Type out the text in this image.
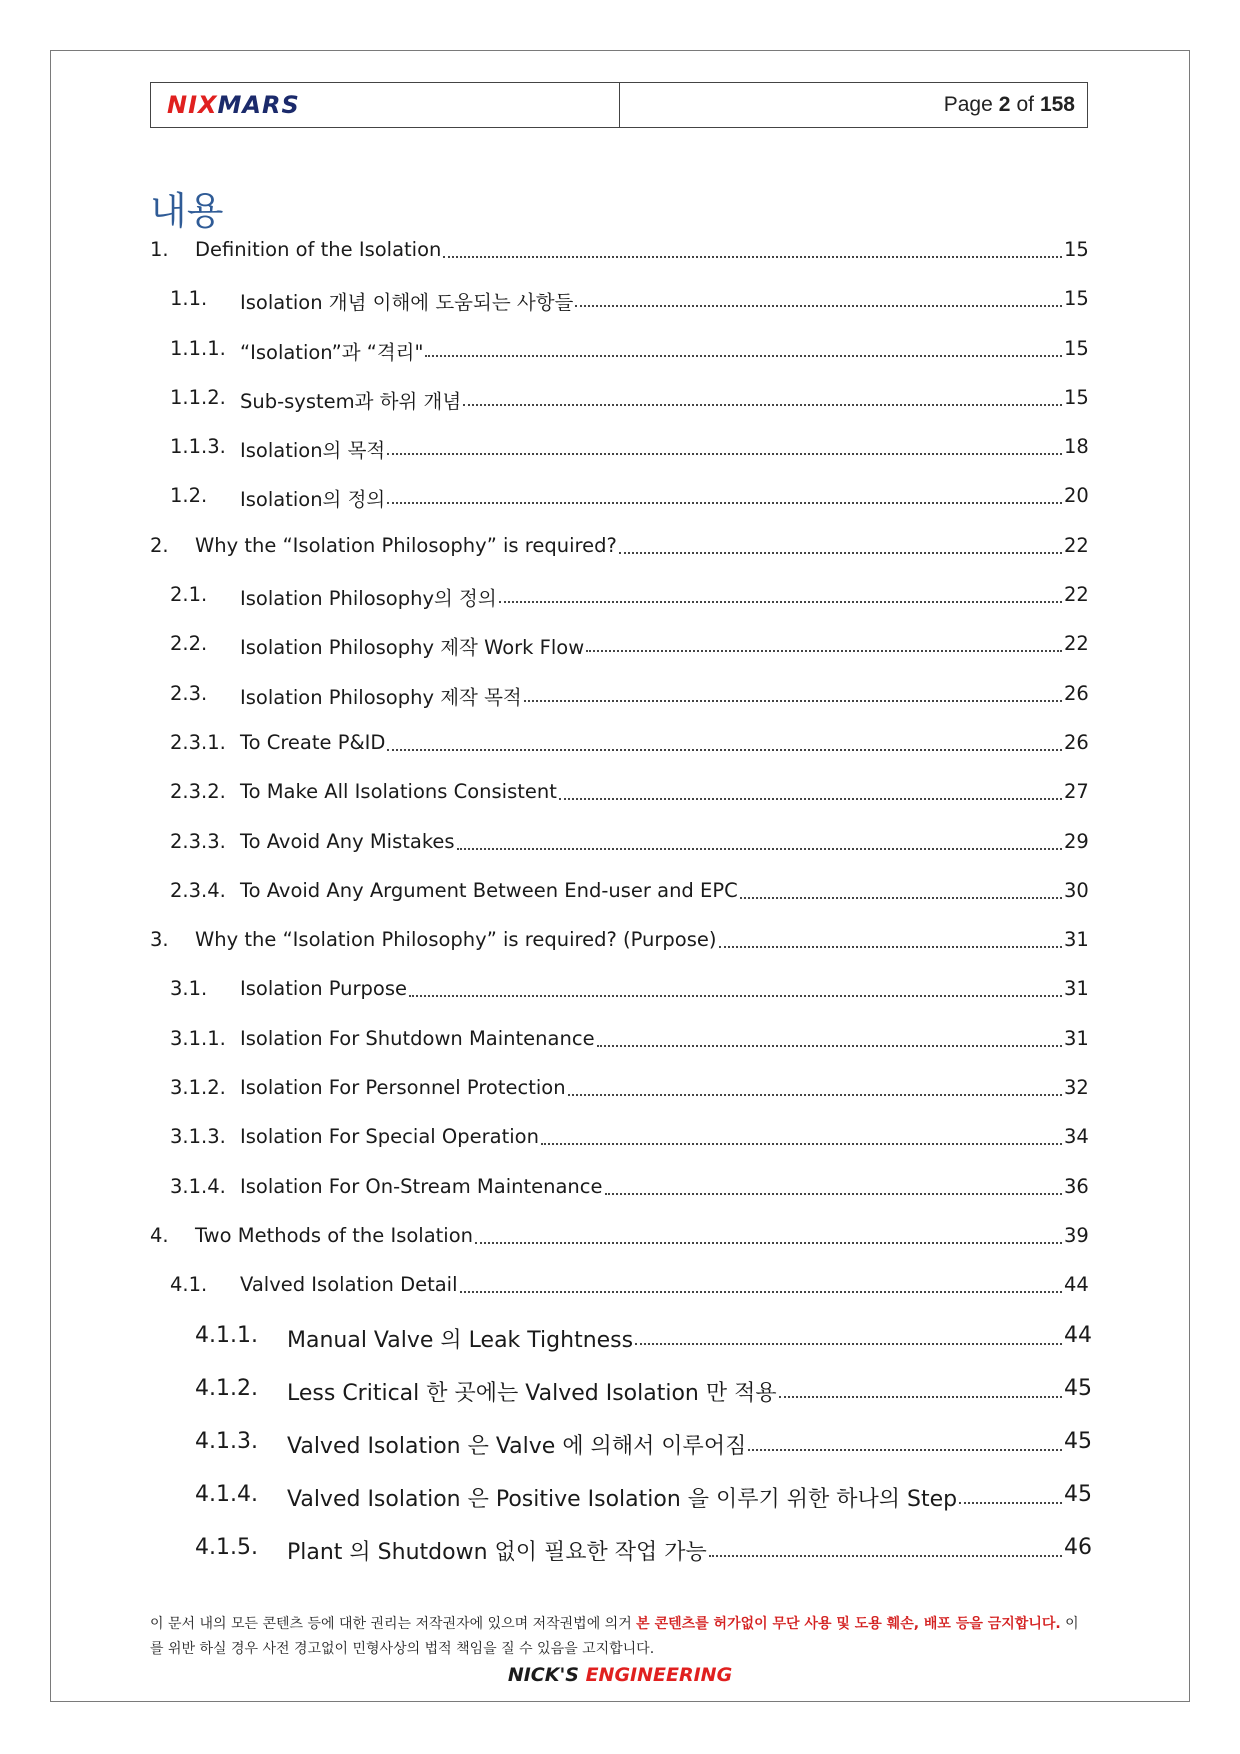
NIXMARS	Page 2 of 158
내용
1.	Definition of the Isolation	15
1.1.	Isolation 개념 이해에 도움되는 사항들	15
1.1.1. “Isolation”과 “격리"	15
1.1.2. Sub-system과 하위 개념	15
1.1.3. Isolation의 목적	18
1.2.	Isolation의 정의	20
2.	Why the “Isolation Philosophy” is required?	22
2.1.	Isolation Philosophy의 정의	22
2.2.	Isolation Philosophy 제작 Work Flow	22
2.3.	Isolation Philosophy 제작 목적	26
2.3.1. To Create P&ID	26
2.3.2. To Make All Isolations Consistent	27
2.3.3. To Avoid Any Mistakes	29
2.3.4. To Avoid Any Argument Between End-user and EPC	30
3.	Why the “Isolation Philosophy” is required? (Purpose)	31
3.1.	Isolation Purpose	31
3.1.1. Isolation For Shutdown Maintenance	31
3.1.2. Isolation For Personnel Protection	32
3.1.3. Isolation For Special Operation	34
3.1.4. Isolation For On-Stream Maintenance	36
4.	Two Methods of the Isolation	39
4.1.	Valved Isolation Detail	44
4.1.1.	Manual Valve 의 Leak Tightness	44
4.1.2.	Less Critical 한 곳에는 Valved Isolation 만 적용	45
4.1.3.	Valved Isolation 은 Valve 에 의해서 이루어짐	45
4.1.4.	Valved Isolation 은 Positive Isolation 을 이루기 위한 하나의 Step	45
4.1.5.	Plant 의 Shutdown 없이 필요한 작업 가능	46
이 문서 내의 모든 콘텐츠 등에 대한 권리는 저작권자에 있으며 저작권법에 의거 본 콘텐츠를 허가없이 무단 사용 및 도용 훼손, 배포 등을 금지합니다. 이를 위반 하실 경우 사전 경고없이 민형사상의 법적 책임을 질 수 있음을 고지합니다.
NICK'S ENGINEERING
